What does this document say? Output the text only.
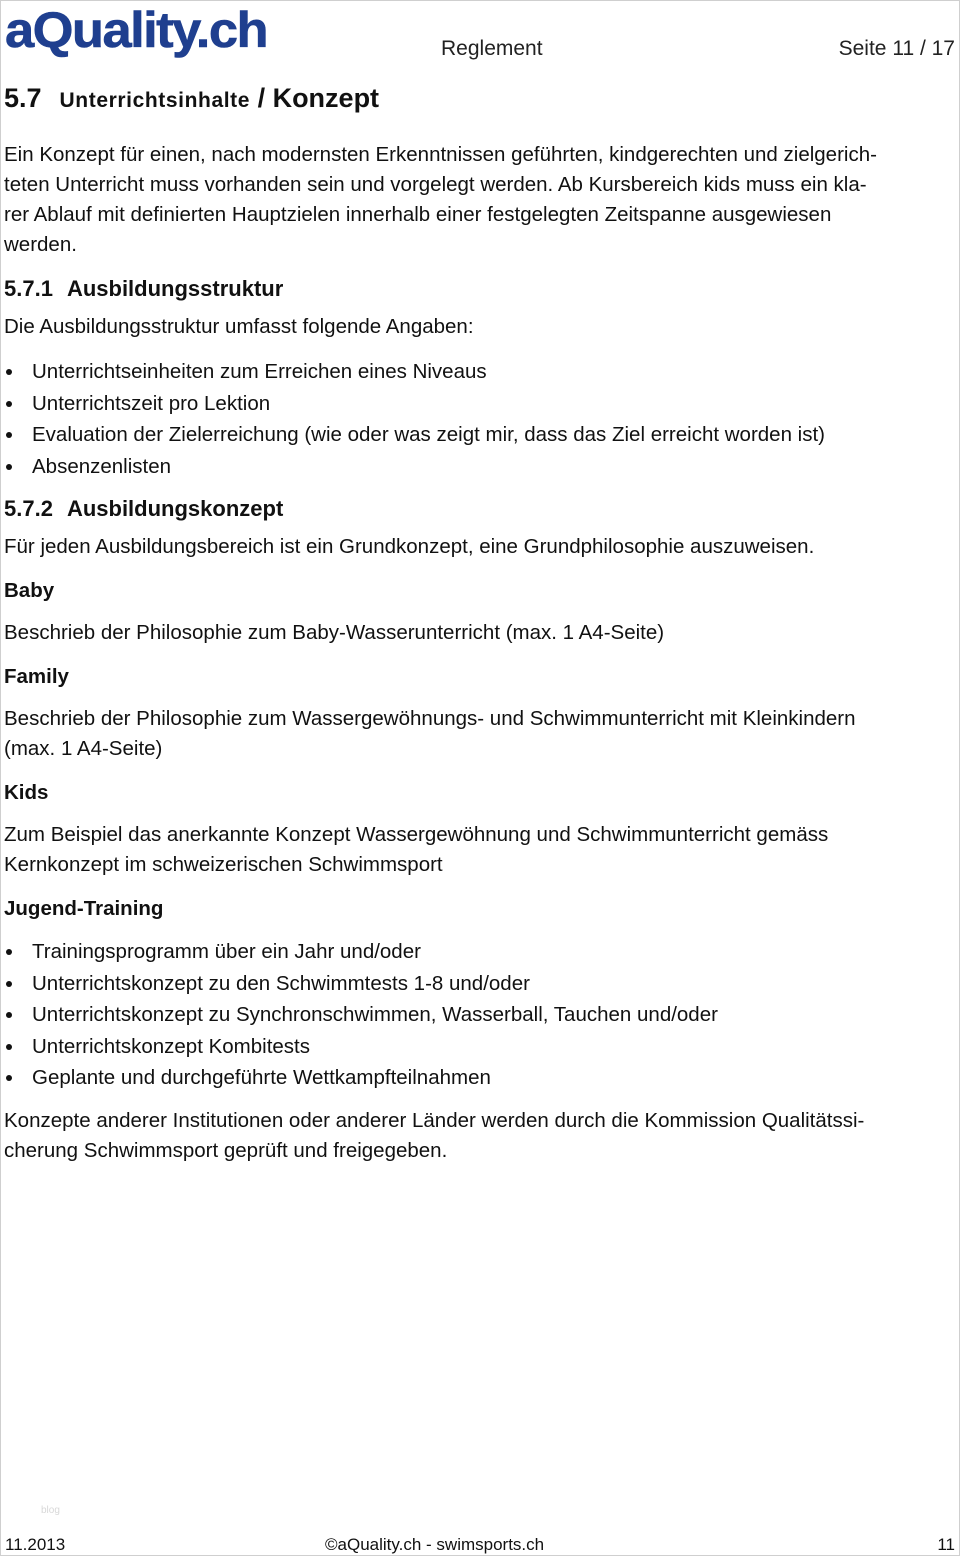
aQuality.ch	Reglement	Seite 11 / 17
5.7 Unterrichtsinhalte / Konzept

Ein Konzept für einen, nach modernsten Erkenntnissen geführten, kindgerechten und zielgerich-
teten Unterricht muss vorhanden sein und vorgelegt werden. Ab Kursbereich kids muss ein kla-
rer Ablauf mit definierten Hauptzielen innerhalb einer festgelegten Zeitspanne ausgewiesen
werden.

5.7.1 Ausbildungsstruktur

Die Ausbildungsstruktur umfasst folgende Angaben:

Unterrichtseinheiten zum Erreichen eines Niveaus
Unterrichtszeit pro Lektion
Evaluation der Zielerreichung (wie oder was zeigt mir, dass das Ziel erreicht worden ist)
Absenzenlisten
5.7.2 Ausbildungskonzept

Für jeden Ausbildungsbereich ist ein Grundkonzept, eine Grundphilosophie auszuweisen.

Baby

Beschrieb der Philosophie zum Baby-Wasserunterricht (max. 1 A4-Seite)

Family

Beschrieb der Philosophie zum Wassergewöhnungs- und Schwimmunterricht mit Kleinkindern
(max. 1 A4-Seite)

Kids

Zum Beispiel das anerkannte Konzept Wassergewöhnung und Schwimmunterricht gemäss
Kernkonzept im schweizerischen Schwimmsport

Jugend-Training
Trainingsprogramm über ein Jahr und/oder
Unterrichtskonzept zu den Schwimmtests 1-8 und/oder
Unterrichtskonzept zu Synchronschwimmen, Wasserball, Tauchen und/oder
Unterrichtskonzept Kombitests
Geplante und durchgeführte Wettkampfteilnahmen

Konzepte anderer Institutionen oder anderer Länder werden durch die Kommission Qualitätssi-
cherung Schwimmsport geprüft und freigegeben.

blog
11.2013	©aQuality.ch - swimsports.ch	11
